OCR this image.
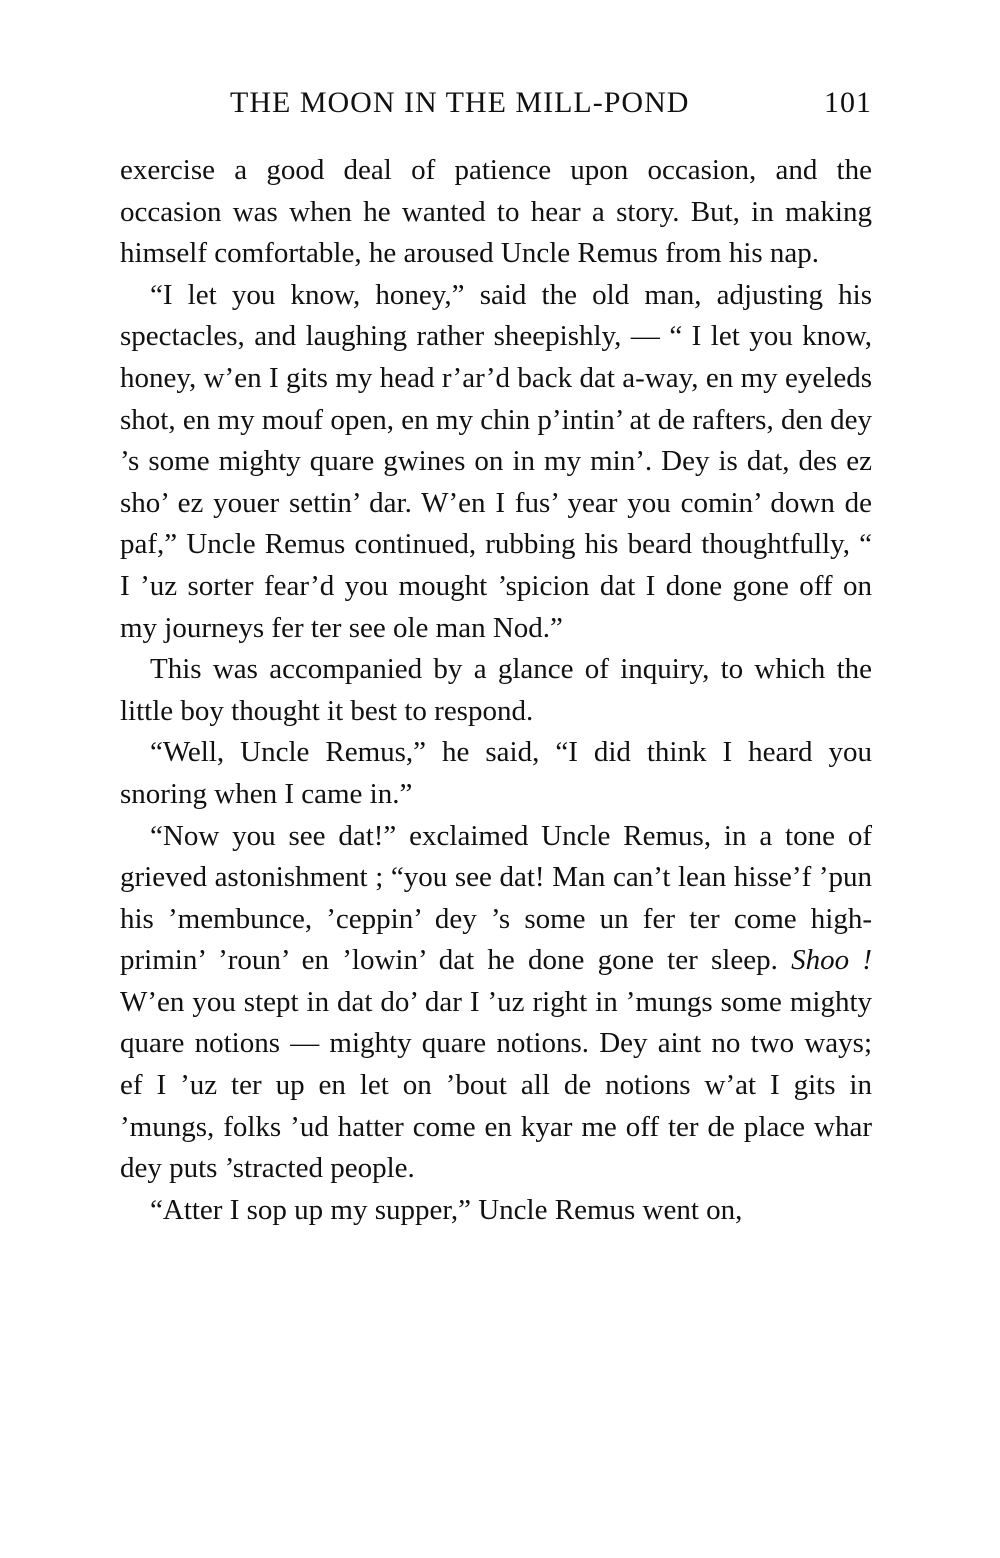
THE MOON IN THE MILL-POND	101

exercise a good deal of patience upon occasion, and the occasion was when he wanted to hear a story. But, in making himself comfortable, he aroused Uncle Remus from his nap.

“I let you know, honey,” said the old man, adjusting his spectacles, and laughing rather sheepishly, — “ I let you know, honey, w’en I gits my head r’ar’d back dat a-way, en my eyeleds shot, en my mouf open, en my chin p’intin’ at de rafters, den dey ’s some mighty quare gwines on in my min’. Dey is dat, des ez sho’ ez youer settin’ dar. W’en I fus’ year you comin’ down de paf,” Uncle Remus continued, rubbing his beard thoughtfully, “ I ’uz sorter fear’d you mought ’spicion dat I done gone off on my journeys fer ter see ole man Nod.”

This was accompanied by a glance of inquiry, to which the little boy thought it best to respond.

“Well, Uncle Remus,” he said, “I did think I heard you snoring when I came in.”

“Now you see dat!” exclaimed Uncle Remus, in a tone of grieved astonishment ; “you see dat! Man can’t lean hisse’f ’pun his ’membunce, ’ceppin’ dey ’s some un fer ter come high-primin’ ’roun’ en ’lowin’ dat he done gone ter sleep. Shoo ! W’en you stept in dat do’ dar I ’uz right in ’mungs some mighty quare notions — mighty quare notions. Dey aint no two ways; ef I ’uz ter up en let on ’bout all de notions w’at I gits in ’mungs, folks ’ud hatter come en kyar me off ter de place whar dey puts ’stracted people.

“Atter I sop up my supper,” Uncle Remus went on,
